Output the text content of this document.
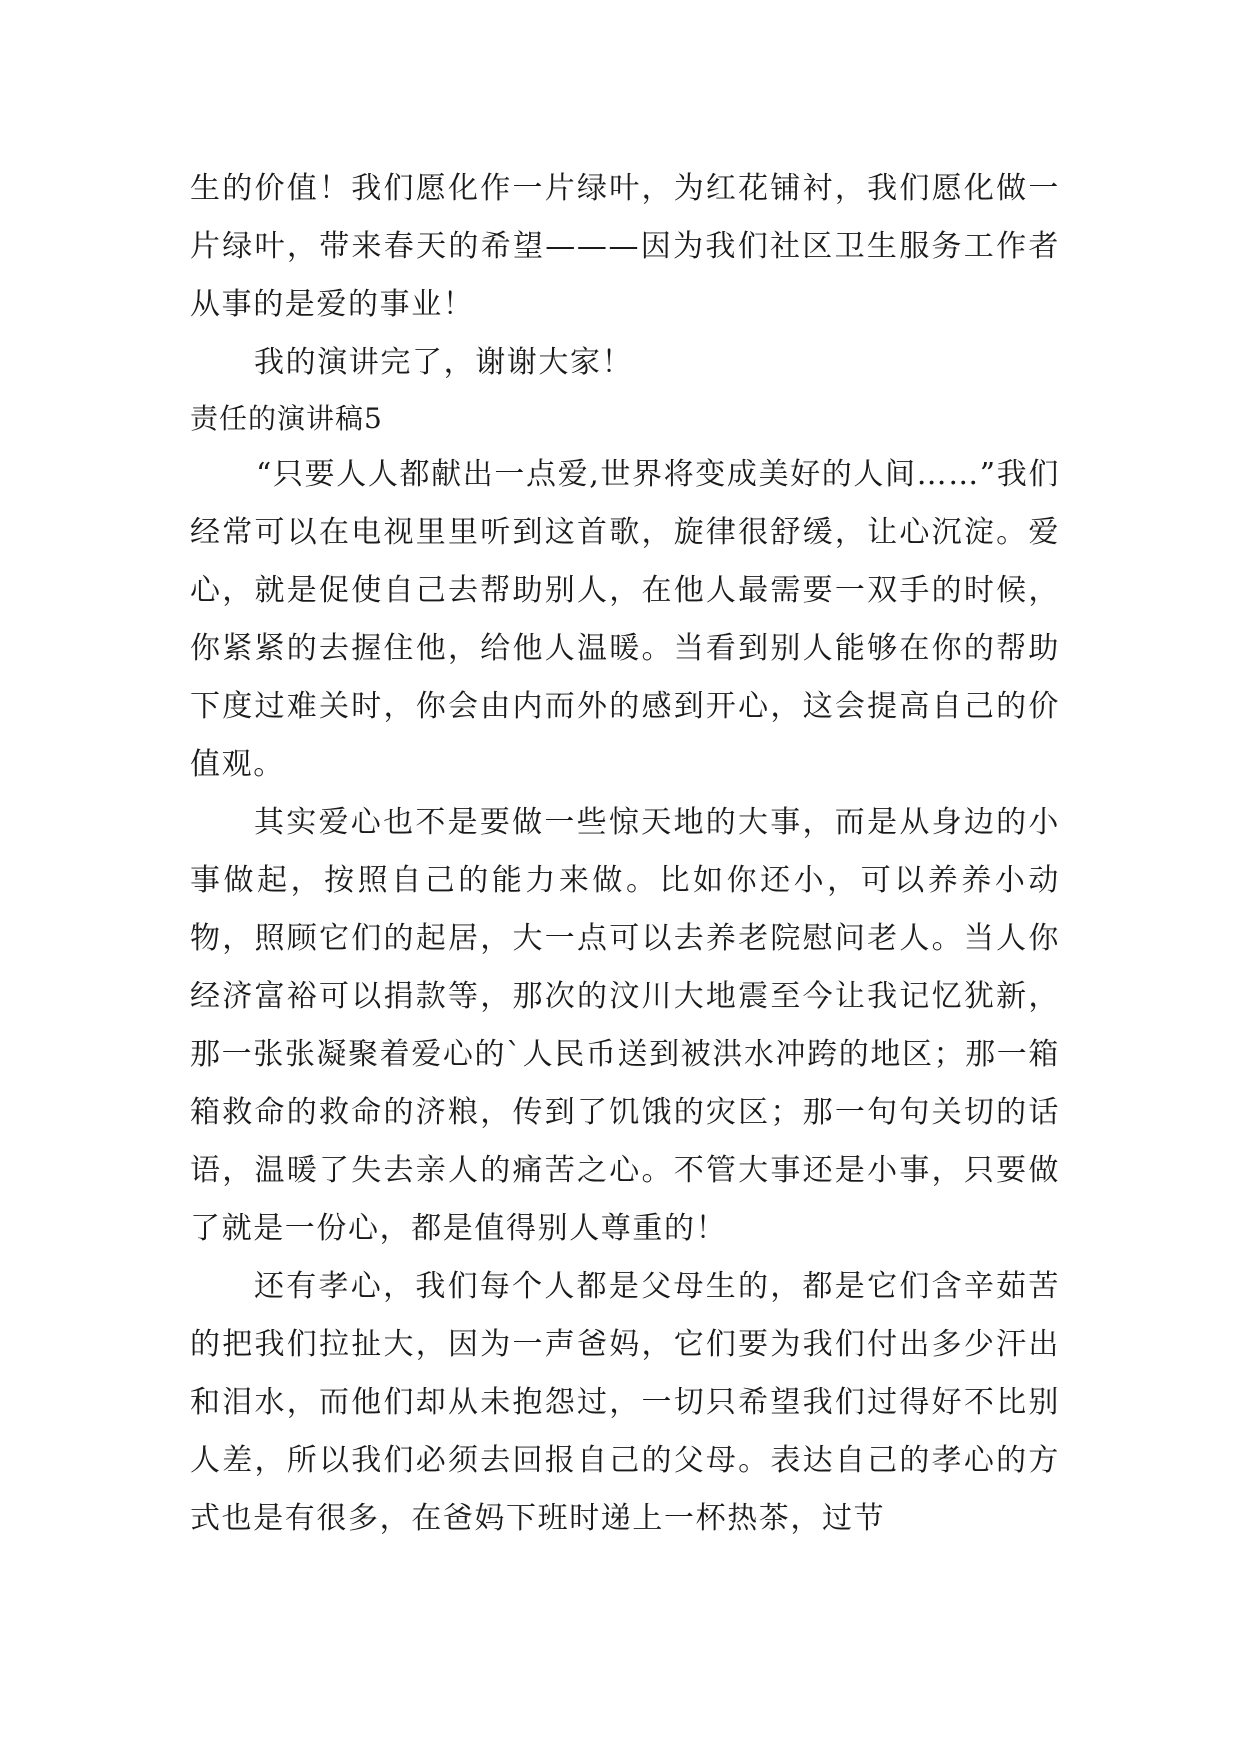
生的价值！我们愿化作一片绿叶，为红花铺衬，我们愿化做一片绿叶，带来春天的希望———因为我们社区卫生服务工作者从事的是爱的事业！

我的演讲完了，谢谢大家！

责任的演讲稿5

“只要人人都献出一点爱,世界将变成美好的人间……”我们经常可以在电视里里听到这首歌，旋律很舒缓，让心沉淀。爱心，就是促使自己去帮助别人，在他人最需要一双手的时候，你紧紧的去握住他，给他人温暖。当看到别人能够在你的帮助下度过难关时，你会由内而外的感到开心，这会提高自己的价值观。

其实爱心也不是要做一些惊天地的大事，而是从身边的小事做起，按照自己的能力来做。比如你还小，可以养养小动物，照顾它们的起居，大一点可以去养老院慰问老人。当人你经济富裕可以捐款等，那次的汶川大地震至今让我记忆犹新，那一张张凝聚着爱心的`人民币送到被洪水冲跨的地区；那一箱箱救命的救命的济粮，传到了饥饿的灾区；那一句句关切的话语，温暖了失去亲人的痛苦之心。不管大事还是小事，只要做了就是一份心，都是值得别人尊重的！

还有孝心，我们每个人都是父母生的，都是它们含辛茹苦的把我们拉扯大，因为一声爸妈，它们要为我们付出多少汗出和泪水，而他们却从未抱怨过，一切只希望我们过得好不比别人差，所以我们必须去回报自己的父母。表达自己的孝心的方式也是有很多，在爸妈下班时递上一杯热茶，过节
